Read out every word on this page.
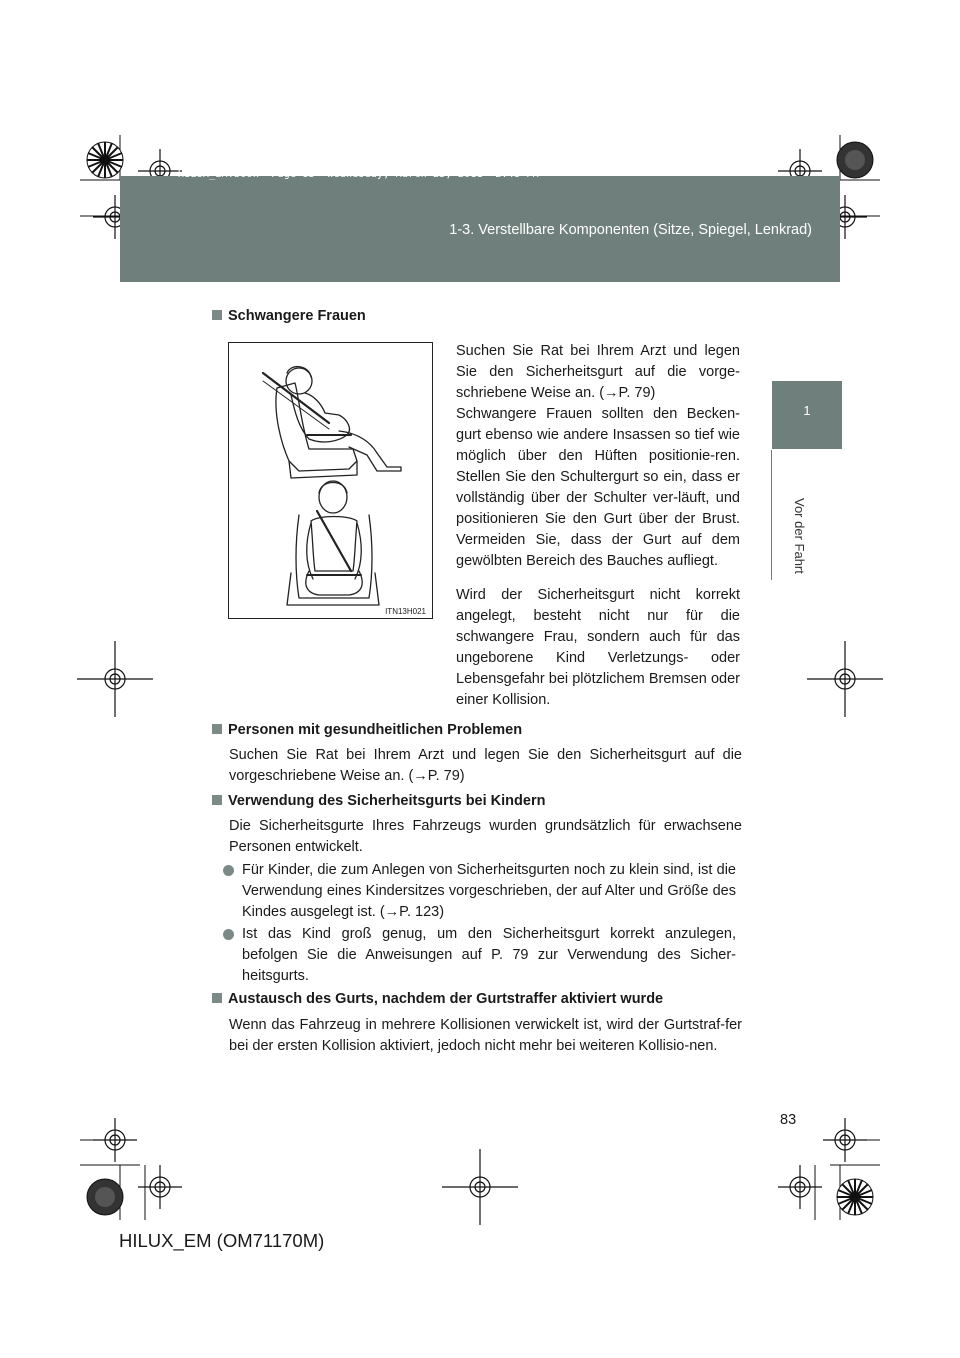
HILUX_EM.book  Page 83  Wednesday, March 23, 2011  2:48 PM
1-3. Verstellbare Komponenten (Sitze, Spiegel, Lenkrad)
1
Vor der Fahrt
Schwangere Frauen
ITN13H021
Suchen Sie Rat bei Ihrem Arzt und legen Sie den Sicherheitsgurt auf die vorge-schriebene Weise an. (→P. 79)
Schwangere Frauen sollten den Becken-gurt ebenso wie andere Insassen so tief wie möglich über den Hüften positionie-ren. Stellen Sie den Schultergurt so ein, dass er vollständig über der Schulter ver-läuft, und positionieren Sie den Gurt über der Brust. Vermeiden Sie, dass der Gurt auf dem gewölbten Bereich des Bauches aufliegt.
Wird der Sicherheitsgurt nicht korrekt angelegt, besteht nicht nur für die schwangere Frau, sondern auch für das ungeborene Kind Verletzungs- oder Lebensgefahr bei plötzlichem Bremsen oder einer Kollision.
Personen mit gesundheitlichen Problemen
Suchen Sie Rat bei Ihrem Arzt und legen Sie den Sicherheitsgurt auf die vorgeschriebene Weise an. (→P. 79)
Verwendung des Sicherheitsgurts bei Kindern
Die Sicherheitsgurte Ihres Fahrzeugs wurden grundsätzlich für erwachsene Personen entwickelt.
Für Kinder, die zum Anlegen von Sicherheitsgurten noch zu klein sind, ist die Verwendung eines Kindersitzes vorgeschrieben, der auf Alter und Größe des Kindes ausgelegt ist. (→P. 123)
Ist das Kind groß genug, um den Sicherheitsgurt korrekt anzulegen, befolgen Sie die Anweisungen auf P. 79 zur Verwendung des Sicher-heitsgurts.
Austausch des Gurts, nachdem der Gurtstraffer aktiviert wurde
Wenn das Fahrzeug in mehrere Kollisionen verwickelt ist, wird der Gurtstraf-fer bei der ersten Kollision aktiviert, jedoch nicht mehr bei weiteren Kollisio-nen.
83
HILUX_EM (OM71170M)
